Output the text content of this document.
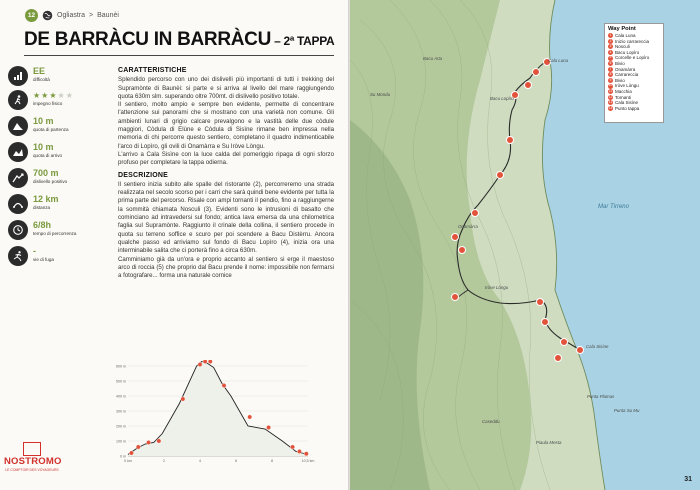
12	Ogliastra > Baunèi
DE BARRÀCU IN BARRÀCU – 2ª TAPPA
EE
difficoltà
★ ★ ★ ★ ★
impegno fisico
10 m
quota di partenza
10 m
quota di arrivo
700 m
dislivello positivo
12 km
distanza
6/8h
tempo di percorrenza
-
vie di fuga
CARATTERISTICHE

Splendido percorso con uno dei dislivelli più importanti di tutti i trekking del Supramònte di Baunèi: si parte e si arriva al livello del mare raggiungendo quota 630m slm. superando oltre 700mt. di dislivello positivo totale.

Il sentiero, molto ampio e sempre ben evidente, permette di concentrare l'attenzione sui panorami che si mostrano con una varietà non comune. Gli ambienti lunari di grigio calcare prevalgono e la vastità delle due còdule maggiori, Còdula di Elùne e Còdula di Sisìne rimane ben impressa nella memoria di chi percorre questo sentiero, completano il quadro indimenticabile l'arco di Lopìro, gli ovili di Onamàrra e Su Iròve Lòngu.

L'arrivo a Cala Sisìne con la luce calda del pomeriggio ripaga di ogni sforzo profuso per completare la tappa odierna.

DESCRIZIONE

Il sentiero inizia subito alle spalle del ristorante (2), percorreremo una strada realizzata nel secolo scorso per i carri che sarà quindi bene evidente per tutta la prima parte del percorso. Risale con ampi tornanti il pendio, fino a raggiungerne la sommità chiamata Nosculi (3). Evidenti sono le intrusioni di basalto che cominciano ad intravedersi sul fondo; antica lava emersa da una chilometrica faglia sul Supramònte. Raggiunto il crinale della collina, il sentiero procede in quota su terreno soffice e scuro per poi scendere a Bacu Distèrru. Ancora qualche passo ed arriviamo sul fondo di Bacu Lopìro (4), inizia ora una interminabile salita che ci porterà fino a circa 630m.

Camminiamo già da un'ora e proprio accanto al sentiero si erge il maestoso arco di roccia (5) che proprio dal Bacu prende il nome: impossibile non fermarsi a fotografare... forma una naturale cornice

600 m
500 m
400 m
300 m
200 m
100 m
0 m
0 km	2	4	6	8	10,5 km
NOSTROMO
LE COMPTOIR DES VOYAGEURS
Cala Luna
Bacu Arta
Su Mondu
Bacu Lopìro
Onamàrra
Iròve Lòngu
Cala Sisìne
Mar Tirreno
Punta Plamas
Punta Su Mu
Caseddu
Piaula Mesta
Way Point
1 Cala Luna
2 Inizio carrareccia
3 Nosculi
4 Bacu Lopìro
5 Corcelle e Lopìro
6 Bivio
7 Onamàrra
8 Carrareccia
9 Bivio
10 Iròve Lòngu
11 Macchia
12 Tornanti
13 Cala Sisìne
14 Punto tappa
31
